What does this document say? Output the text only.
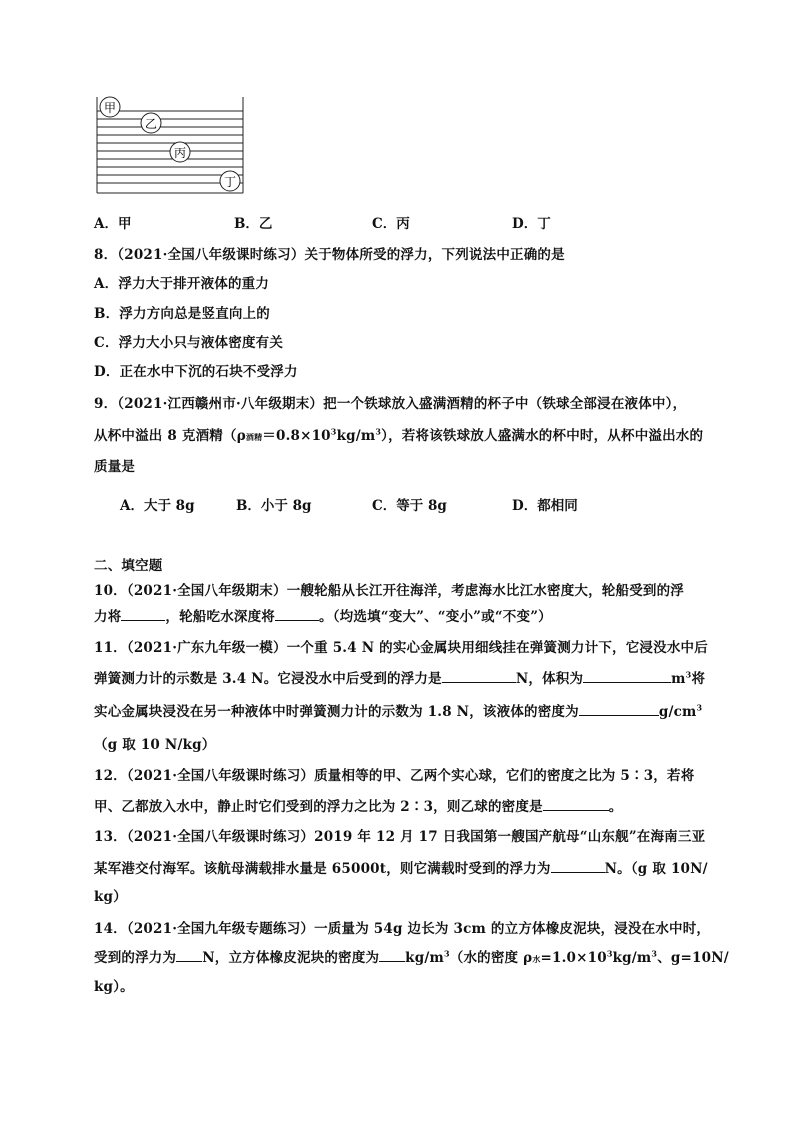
甲
乙
丙
丁
A．甲	B．乙	C．丙	D．丁
8．（2021·全国八年级课时练习）关于物体所受的浮力，下列说法中正确的是
A．浮力大于排开液体的重力
B．浮力方向总是竖直向上的
C．浮力大小只与液体密度有关
D．正在水中下沉的石块不受浮力
9．（2021·江西赣州市·八年级期末）把一个铁球放入盛满酒精的杯子中（铁球全部浸在液体中），
从杯中溢出 8 克酒精（ρ酒精$=0.8\times 10^3kg/m^3$），若将该铁球放人盛满水的杯中时，从杯中溢出水的
质量是
A．大于 8g	B．小于 8g	C．等于 8g	D．都相同
二、填空题
10．（2021·全国八年级期末）一艘轮船从长江开往海洋，考虑海水比江水密度大，轮船受到的浮
力将	，轮船吃水深度将	。（均选填“变大”、“变小”或“不变”）
11．（2021·广东九年级一模）一个重 5.4 N 的实心金属块用细线挂在弹簧测力计下，它浸没水中后
弹簧测力计的示数是 3.4 N。它浸没水中后受到的浮力是	N，体积为	$m^3$将
实心金属块浸没在另一种液体中时弹簧测力计的示数为 1.8 N，该液体的密度为	$g/cm^3$
（g 取 10 N/kg）
12．（2021·全国八年级课时练习）质量相等的甲、乙两个实心球，它们的密度之比为 5∶3，若将
甲、乙都放入水中，静止时它们受到的浮力之比为 2∶3，则乙球的密度是	。
13．（2021·全国八年级课时练习）2019 年 12 月 17 日我国第一艘国产航母“山东舰”在海南三亚
某军港交付海军。该航母满载排水量是 65000t，则它满载时受到的浮力为	N。（g 取 10N/
kg）
14．（2021·全国九年级专题练习）一质量为 54g 边长为 3cm 的立方体橡皮泥块，浸没在水中时，
受到的浮力为 N，立方体橡皮泥块的密度为 $kg/m^3$（水的密度 ρ水$=1.0\times 10^3kg/m^3$、g=10N/
kg）。
